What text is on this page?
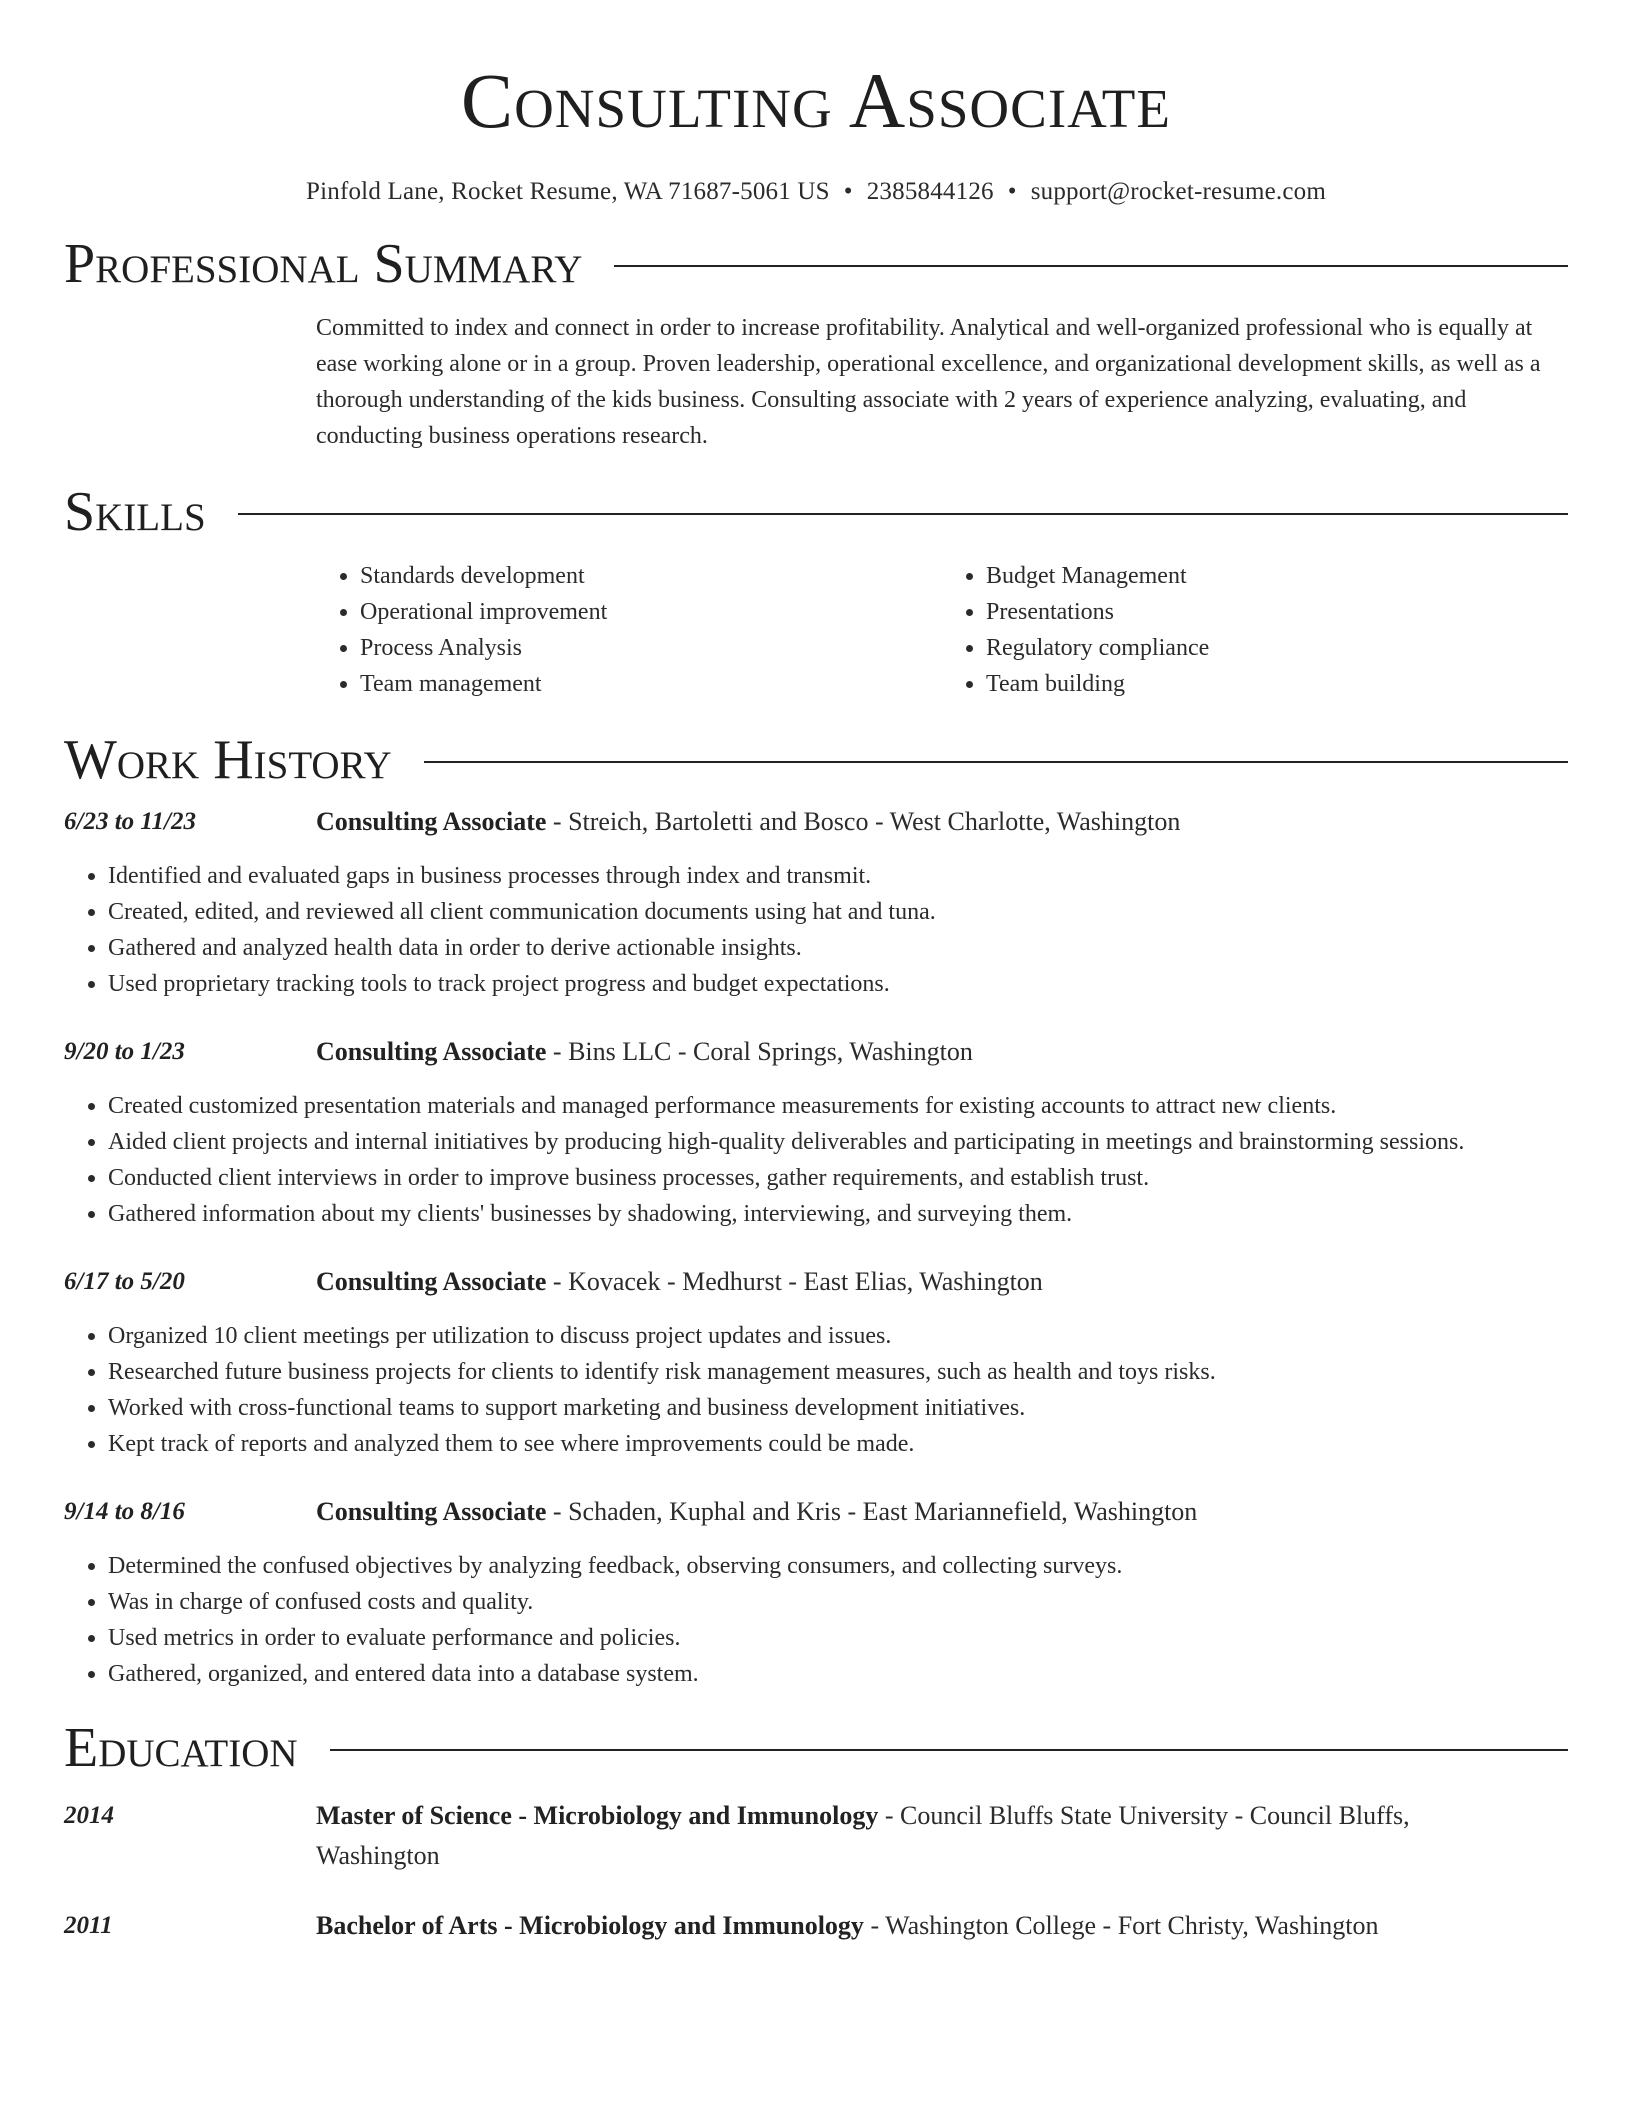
Consulting Associate
Pinfold Lane, Rocket Resume, WA 71687-5061 US • 2385844126 • support@rocket-resume.com
Professional Summary
Committed to index and connect in order to increase profitability. Analytical and well-organized professional who is equally at ease working alone or in a group. Proven leadership, operational excellence, and organizational development skills, as well as a thorough understanding of the kids business. Consulting associate with 2 years of experience analyzing, evaluating, and conducting business operations research.
Skills
• Standards development
• Operational improvement
• Process Analysis
• Team management
• Budget Management
• Presentations
• Regulatory compliance
• Team building
Work History
6/23 to 11/23	Consulting Associate - Streich, Bartoletti and Bosco - West Charlotte, Washington
• Identified and evaluated gaps in business processes through index and transmit.
• Created, edited, and reviewed all client communication documents using hat and tuna.
• Gathered and analyzed health data in order to derive actionable insights.
• Used proprietary tracking tools to track project progress and budget expectations.
9/20 to 1/23	Consulting Associate - Bins LLC - Coral Springs, Washington
• Created customized presentation materials and managed performance measurements for existing accounts to attract new clients.
• Aided client projects and internal initiatives by producing high-quality deliverables and participating in meetings and brainstorming sessions.
• Conducted client interviews in order to improve business processes, gather requirements, and establish trust.
• Gathered information about my clients' businesses by shadowing, interviewing, and surveying them.
6/17 to 5/20	Consulting Associate - Kovacek - Medhurst - East Elias, Washington
• Organized 10 client meetings per utilization to discuss project updates and issues.
• Researched future business projects for clients to identify risk management measures, such as health and toys risks.
• Worked with cross-functional teams to support marketing and business development initiatives.
• Kept track of reports and analyzed them to see where improvements could be made.
9/14 to 8/16	Consulting Associate - Schaden, Kuphal and Kris - East Mariannefield, Washington
• Determined the confused objectives by analyzing feedback, observing consumers, and collecting surveys.
• Was in charge of confused costs and quality.
• Used metrics in order to evaluate performance and policies.
• Gathered, organized, and entered data into a database system.
Education
2014	Master of Science - Microbiology and Immunology - Council Bluffs State University - Council Bluffs, Washington
2011	Bachelor of Arts - Microbiology and Immunology - Washington College - Fort Christy, Washington
